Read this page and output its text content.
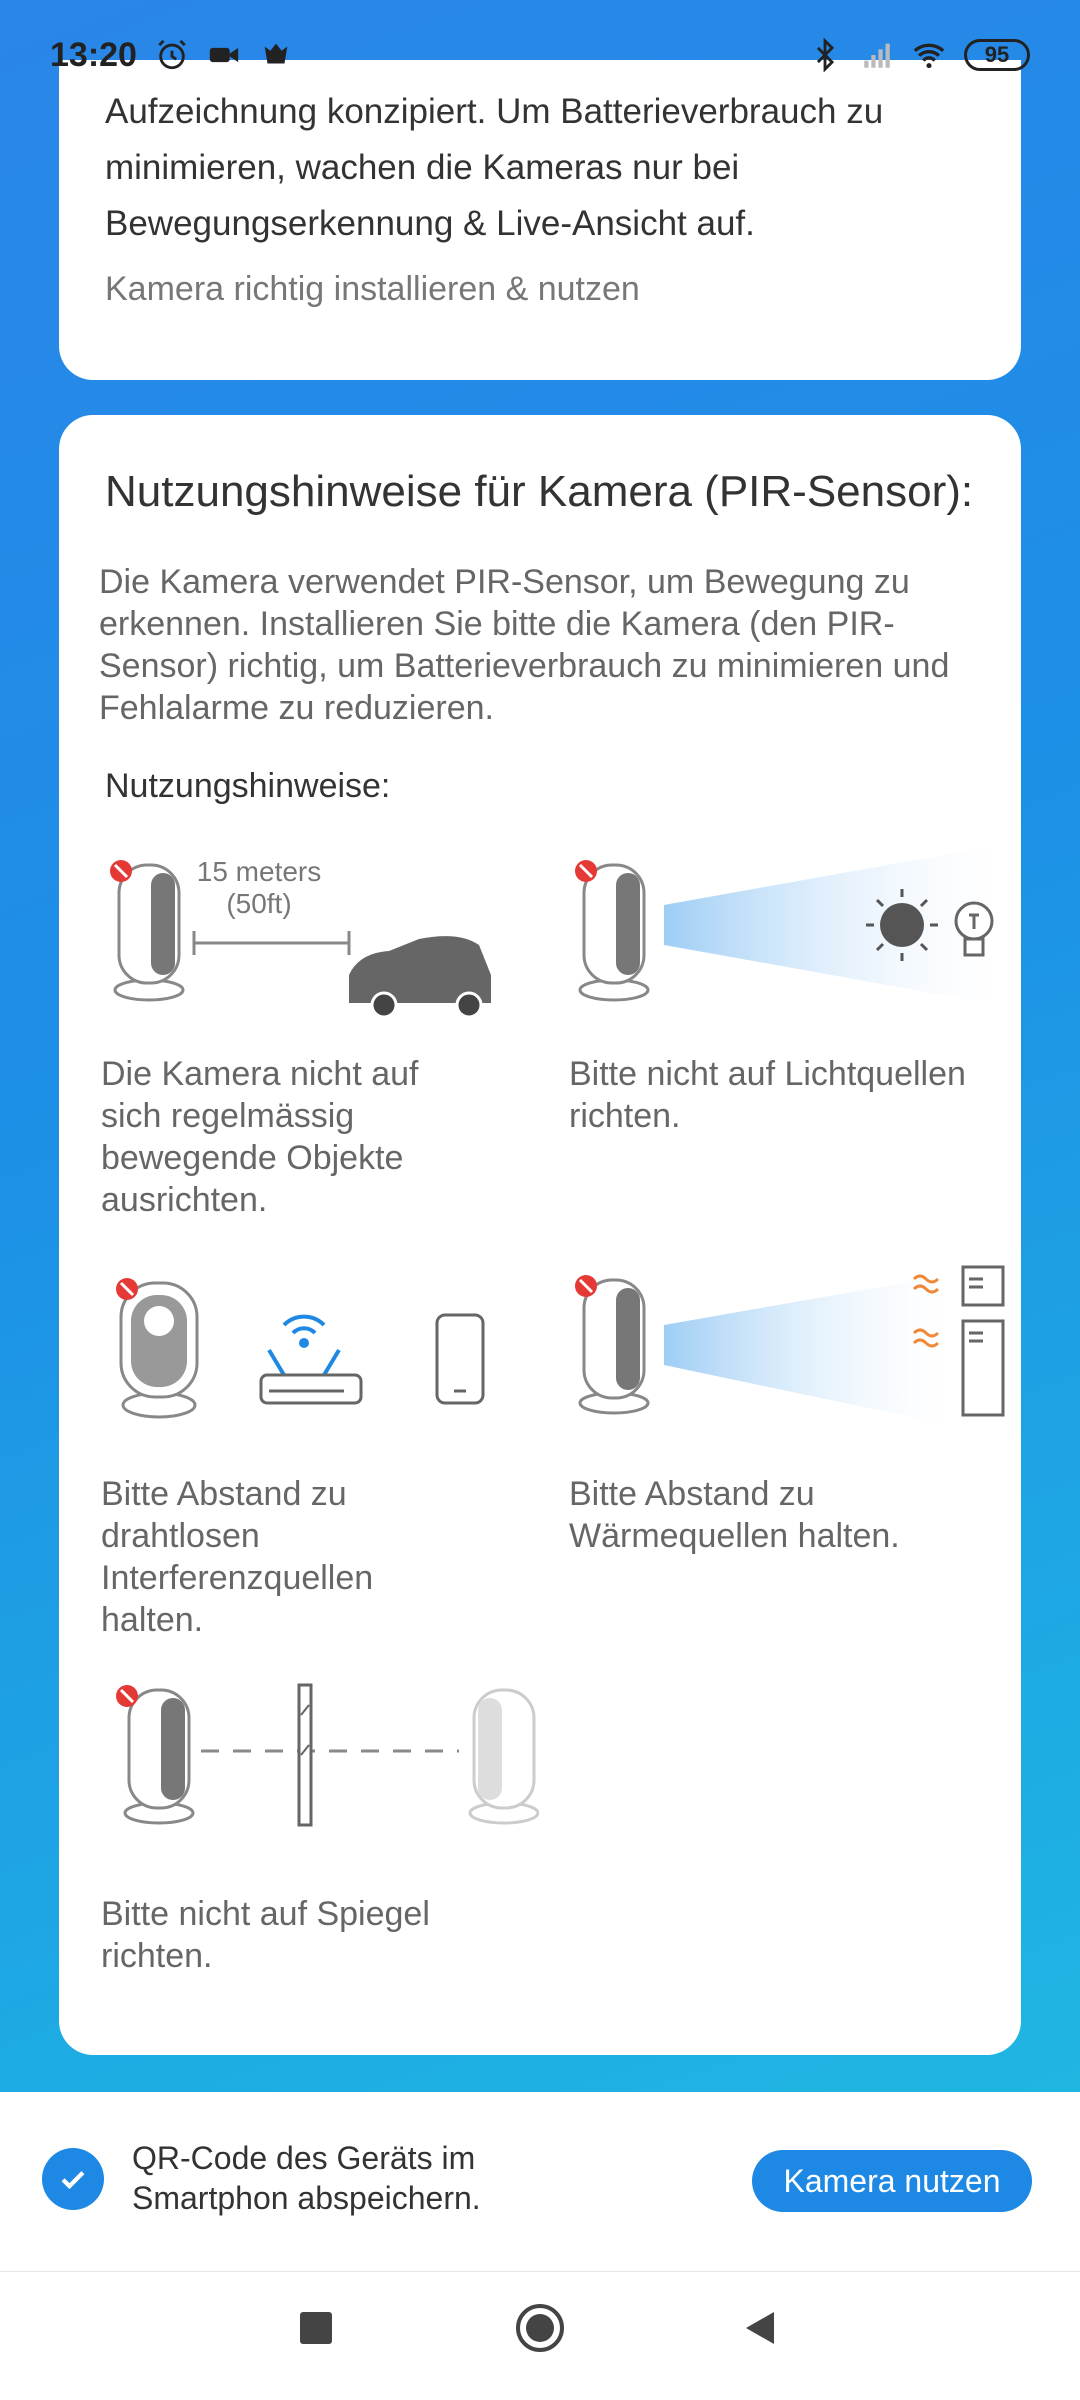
13:20	95
Aufzeichnung konzipiert. Um Batterieverbrauch zu minimieren, wachen die Kameras nur bei Bewegungserkennung & Live-Ansicht auf.
Kamera richtig installieren & nutzen
Nutzungshinweise für Kamera (PIR-Sensor):
Die Kamera verwendet PIR-Sensor, um Bewegung zu erkennen. Installieren Sie bitte die Kamera (den PIR-Sensor) richtig, um Batterieverbrauch zu minimieren und Fehlalarme zu reduzieren.
Nutzungshinweise:
15 meters
(50ft)
Die Kamera nicht auf sich regelmässig bewegende Objekte ausrichten.
Bitte nicht auf Lichtquellen richten.
Bitte Abstand zu drahtlosen Interferenzquellen halten.
Bitte Abstand zu Wärmequellen halten.
Bitte nicht auf Spiegel richten.
QR-Code des Geräts im Smartphon abspeichern.	Kamera nutzen
